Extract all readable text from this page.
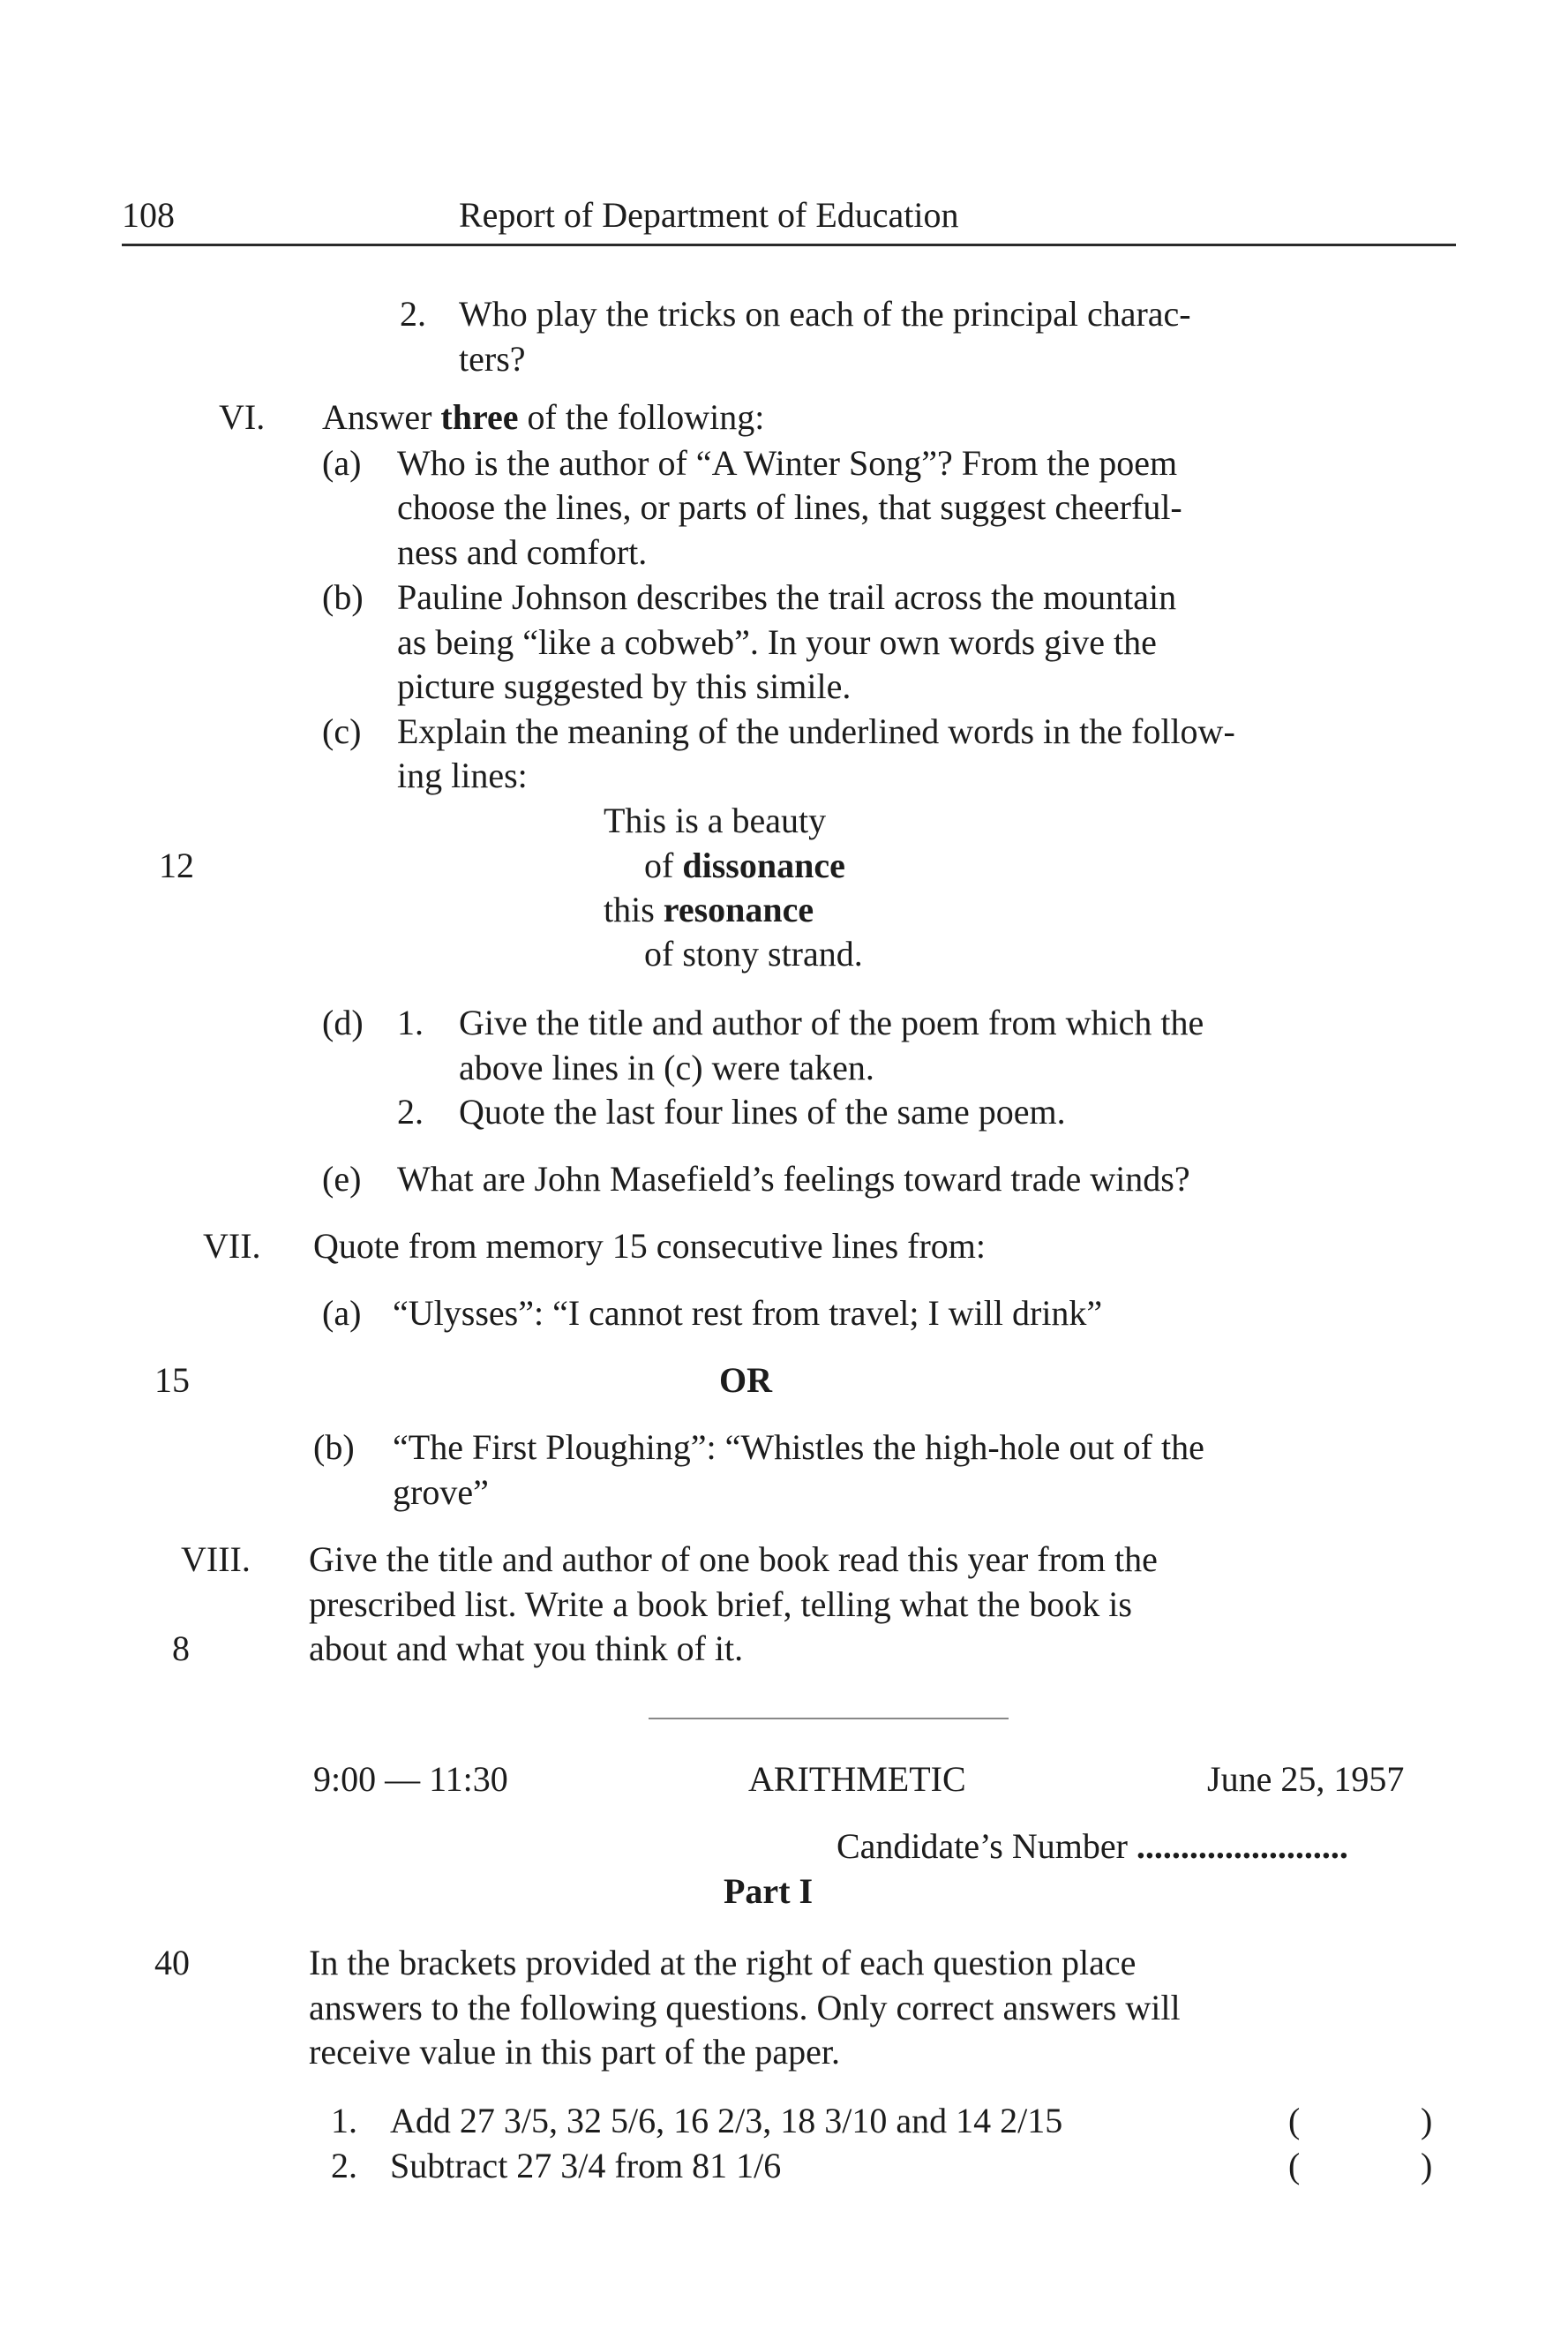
108	Report of Department of Education
2. Who play the tricks on each of the principal charac-
ters?
VI. Answer three of the following:
(a) Who is the author of “A Winter Song”? From the poem
choose the lines, or parts of lines, that suggest cheerful-
ness and comfort.
(b) Pauline Johnson describes the trail across the mountain
as being “like a cobweb”. In your own words give the
picture suggested by this simile.
(c) Explain the meaning of the underlined words in the follow-
ing lines:
This is a beauty
of dissonance
this resonance
of stony strand.
12
(d) 1. Give the title and author of the poem from which the
above lines in (c) were taken.
2. Quote the last four lines of the same poem.
(e) What are John Masefield’s feelings toward trade winds?
VII. Quote from memory 15 consecutive lines from:
(a) “Ulysses”: “I cannot rest from travel; I will drink”
OR
15
(b) “The First Ploughing”: “Whistles the high-hole out of the
grove”
VIII. Give the title and author of one book read this year from the
prescribed list. Write a book brief, telling what the book is
about and what you think of it.
8
9:00 — 11:30	ARITHMETIC	June 25, 1957
Candidate’s Number ........................
Part I
40	In the brackets provided at the right of each question place
answers to the following questions. Only correct answers will
receive value in this part of the paper.
1. Add 27 3/5, 32 5/6, 16 2/3, 18 3/10 and 14 2/15	(	)
2. Subtract 27 3/4 from 81 1/6	(	)
